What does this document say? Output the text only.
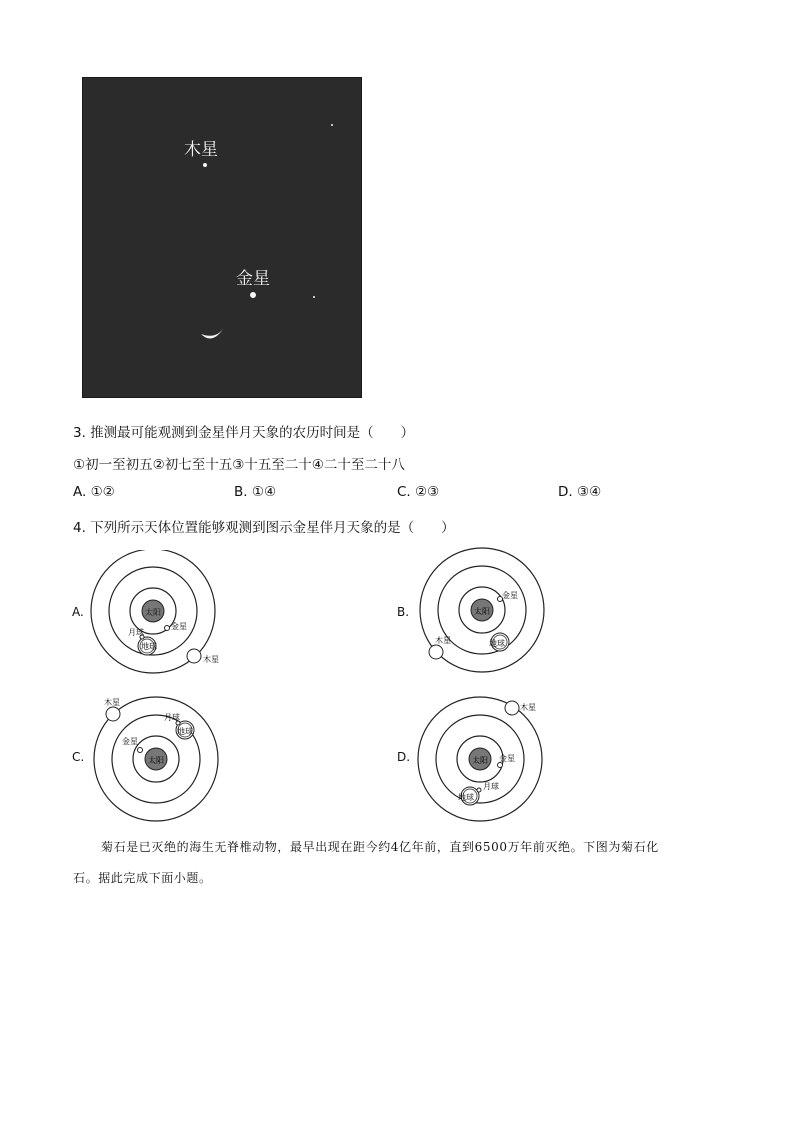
木星
金星
3. 推测最可能观测到金星伴月天象的农历时间是（　　）
①初一至初五②初七至十五③十五至二十④二十至二十八
A. ①②	B. ①④	C. ②③	D. ③④
4. 下列所示天体位置能够观测到图示金星伴月天象的是（　　）
A.	太阳
金星
地球
月球
木星
B.	太阳
金星
地球
木星
C.	太阳
金星
地球
月球
木星
D.	太阳 金星
地球
月球
木星
菊石是已灭绝的海生无脊椎动物，最早出现在距今约4亿年前，直到6500万年前灭绝。下图为菊石化
石。据此完成下面小题。
